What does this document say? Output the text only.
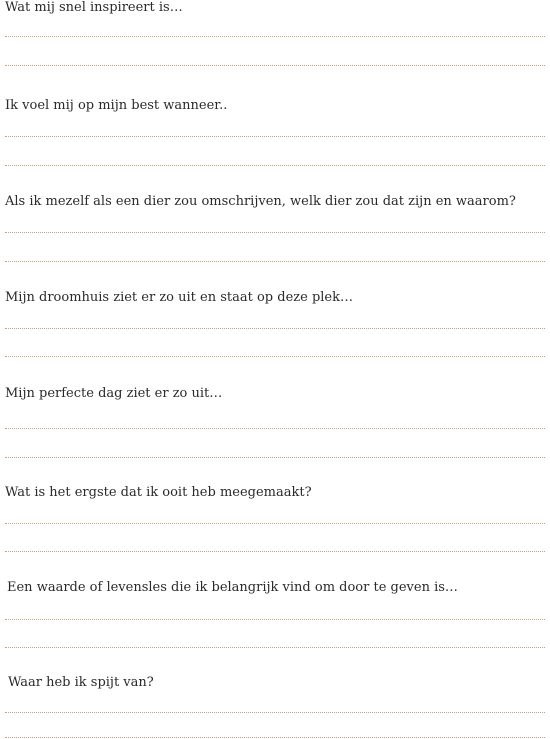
Wat mij snel inspireert is…
Ik voel mij op mijn best wanneer..
Als ik mezelf als een dier zou omschrijven, welk dier zou dat zijn en waarom?
Mijn droomhuis ziet er zo uit en staat op deze plek…
Mijn perfecte dag ziet er zo uit…
Wat is het ergste dat ik ooit heb meegemaakt?
Een waarde of levensles die ik belangrijk vind om door te geven is…
Waar heb ik spijt van?
